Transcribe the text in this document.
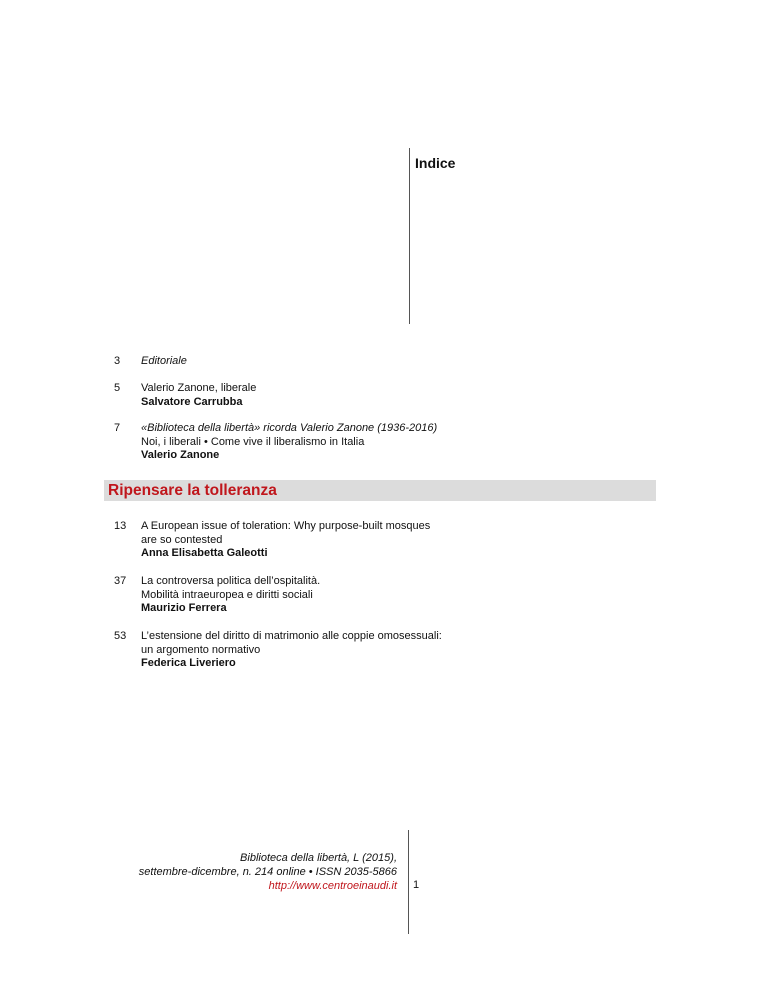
Indice
3	Editoriale
5	Valerio Zanone, liberale
Salvatore Carrubba
7	«Biblioteca della libertà» ricorda Valerio Zanone (1936-2016)
Noi, i liberali • Come vive il liberalismo in Italia
Valerio Zanone
Ripensare la tolleranza
13	A European issue of toleration: Why purpose-built mosques
are so contested
Anna Elisabetta Galeotti
37	La controversa politica dell’ospitalità.
Mobilità intraeuropea e diritti sociali
Maurizio Ferrera
53	L’estensione del diritto di matrimonio alle coppie omosessuali:
un argomento normativo
Federica Liveriero
Biblioteca della libertà, L (2015),
settembre-dicembre, n. 214 online • ISSN 2035-5866
http://www.centroeinaudi.it 1
